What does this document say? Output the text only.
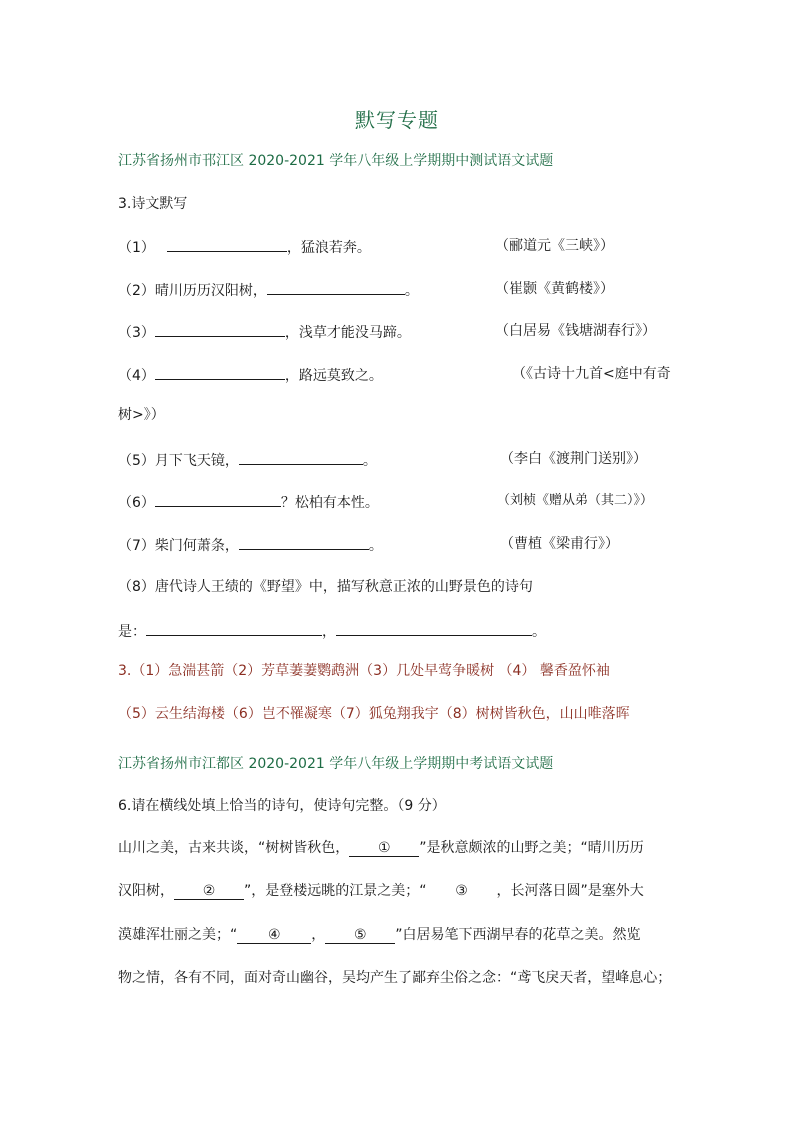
默写专题
江苏省扬州市邗江区 2020-2021 学年八年级上学期期中测试语文试题
3.诗文默写
（1）	，猛浪若奔。	（郦道元《三峡》）
（2）晴川历历汉阳树，	。	（崔颢《黄鹤楼》）
（3）	，浅草才能没马蹄。	（白居易《钱塘湖春行》）
（4）	，路远莫致之。	（《古诗十九首<庭中有奇
树>》）
（5）月下飞天镜，	。	（李白《渡荆门送别》）
（6）	？松柏有本性。	（刘桢《赠从弟（其二）》）
（7）柴门何萧条，	。	（曹植《梁甫行》）
（8）唐代诗人王绩的《野望》中，描写秋意正浓的山野景色的诗句
是：	，	。
3.（1）急湍甚箭（2）芳草萋萋鹦鹉洲（3）几处早莺争暖树 （4） 馨香盈怀袖
（5）云生结海楼（6）岂不罹凝寒（7）狐兔翔我宇（8）树树皆秋色，山山唯落晖
江苏省扬州市江都区 2020-2021 学年八年级上学期期中考试语文试题
6.请在横线处填上恰当的诗句，使诗句完整。（9 分）
山川之美，古来共谈，“树树皆秋色， ① ”是秋意颇浓的山野之美；“晴川历历
汉阳树， ② ”，是登楼远眺的江景之美；“ ③ ，长河落日圆”是塞外大
漠雄浑壮丽之美；“ ④ ， ⑤ ”白居易笔下西湖早春的花草之美。然览
物之情，各有不同，面对奇山幽谷，吴均产生了鄙弃尘俗之念：“鸢飞戾天者，望峰息心；
